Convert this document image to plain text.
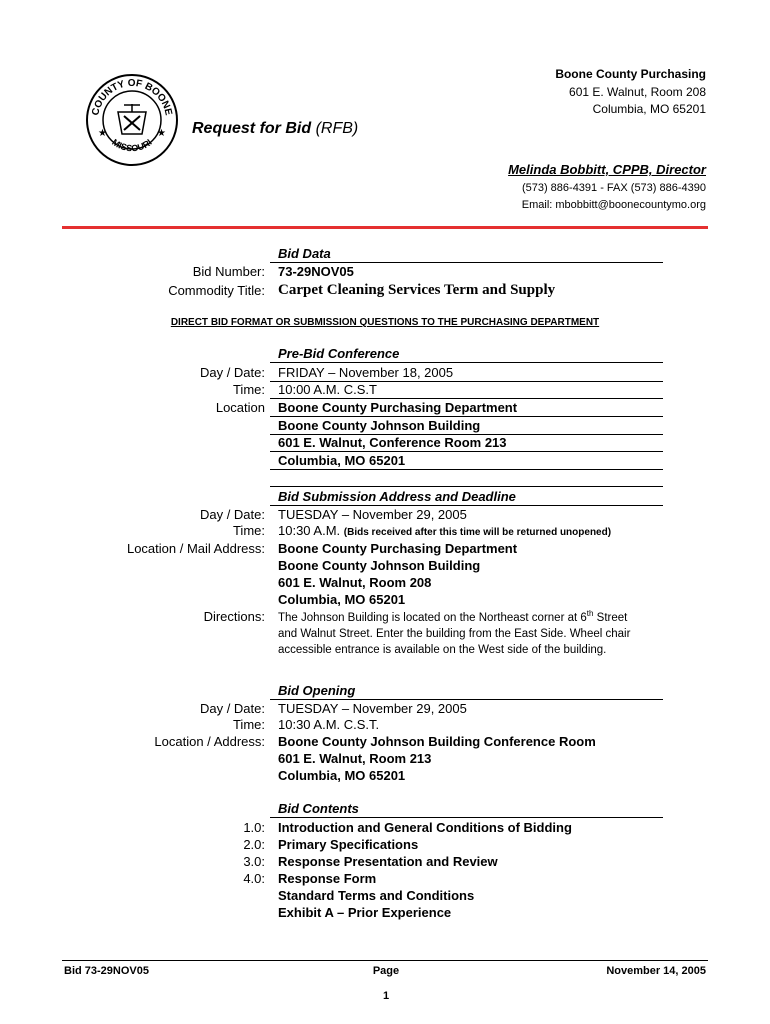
COUNTY OF BOONE
MISSOURI
★	★
Boone County Purchasing
601 E. Walnut, Room 208
Columbia, MO 65201
Request for Bid (RFB)
Melinda Bobbitt, CPPB, Director
(573) 886-4391 - FAX (573) 886-4390
Email: mbobbitt@boonecountymo.org
Bid Data
Bid Number: 73-29NOV05
Commodity Title: Carpet Cleaning Services Term and Supply
DIRECT BID FORMAT OR SUBMISSION QUESTIONS TO THE PURCHASING DEPARTMENT
Pre-Bid Conference
Day / Date: FRIDAY – November 18, 2005
Time: 10:00 A.M. C.S.T
Location Boone County Purchasing Department
Boone County Johnson Building
601 E. Walnut, Conference Room 213
Columbia, MO 65201
Bid Submission Address and Deadline
Day / Date: TUESDAY – November 29, 2005
Time: 10:30 A.M. (Bids received after this time will be returned unopened)
Location / Mail Address: Boone County Purchasing Department
Boone County Johnson Building
601 E. Walnut, Room 208
Columbia, MO 65201
Directions: The Johnson Building is located on the Northeast corner at 6th Street and Walnut Street. Enter the building from the East Side. Wheel chair accessible entrance is available on the West side of the building.
Bid Opening
Day / Date: TUESDAY – November 29, 2005
Time: 10:30 A.M. C.S.T.
Location / Address: Boone County Johnson Building Conference Room
601 E. Walnut, Room 213
Columbia, MO 65201
Bid Contents
1.0: Introduction and General Conditions of Bidding
2.0: Primary Specifications
3.0: Response Presentation and Review
4.0: Response Form
Standard Terms and Conditions
Exhibit A – Prior Experience
Bid 73-29NOV05	Page
1
November 14, 2005
